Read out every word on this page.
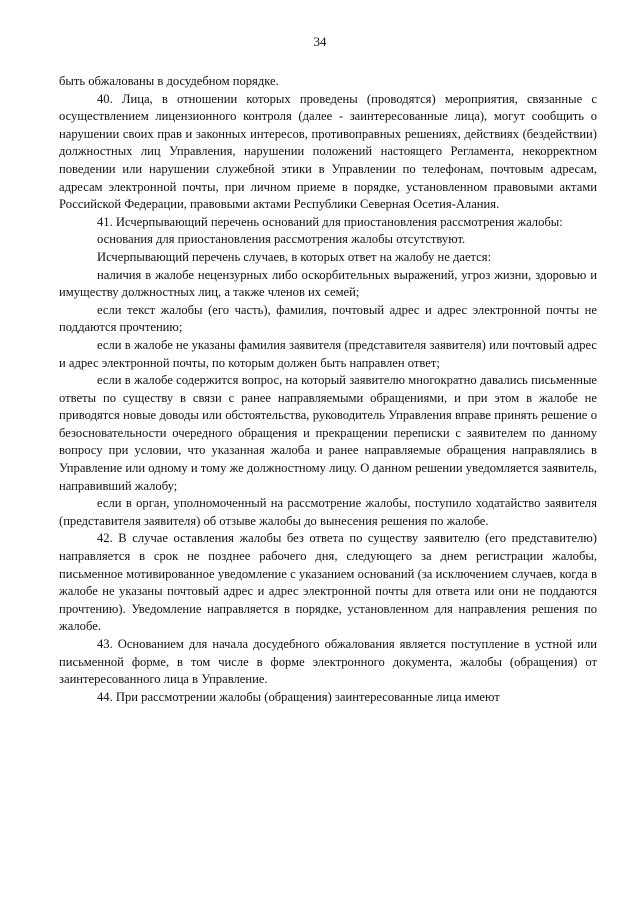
34

быть обжалованы в досудебном порядке.

40. Лица, в отношении которых проведены (проводятся) мероприятия, связанные с осуществлением лицензионного контроля (далее - заинтересованные лица), могут сообщить о нарушении своих прав и законных интересов, противоправных решениях, действиях (бездействии) должностных лиц Управления, нарушении положений настоящего Регламента, некорректном поведении или нарушении служебной этики в Управлении по телефонам, почтовым адресам, адресам электронной почты, при личном приеме в порядке, установленном правовыми актами Российской Федерации, правовыми актами Республики Северная Осетия-Алания.

41. Исчерпывающий перечень оснований для приостановления рассмотрения жалобы:

основания для приостановления рассмотрения жалобы отсутствуют.

Исчерпывающий перечень случаев, в которых ответ на жалобу не дается:

наличия в жалобе нецензурных либо оскорбительных выражений, угроз жизни, здоровью и имуществу должностных лиц, а также членов их семей;

если текст жалобы (его часть), фамилия, почтовый адрес и адрес электронной почты не поддаются прочтению;

если в жалобе не указаны фамилия заявителя (представителя заявителя) или почтовый адрес и адрес электронной почты, по которым должен быть направлен ответ;

если в жалобе содержится вопрос, на который заявителю многократно давались письменные ответы по существу в связи с ранее направляемыми обращениями, и при этом в жалобе не приводятся новые доводы или обстоятельства, руководитель Управления вправе принять решение о безосновательности очередного обращения и прекращении переписки с заявителем по данному вопросу при условии, что указанная жалоба и ранее направляемые обращения направлялись в Управление или одному и тому же должностному лицу. О данном решении уведомляется заявитель, направивший жалобу;

если в орган, уполномоченный на рассмотрение жалобы, поступило ходатайство заявителя (представителя заявителя) об отзыве жалобы до вынесения решения по жалобе.

42. В случае оставления жалобы без ответа по существу заявителю (его представителю) направляется в срок не позднее рабочего дня, следующего за днем регистрации жалобы, письменное мотивированное уведомление с указанием оснований (за исключением случаев, когда в жалобе не указаны почтовый адрес и адрес электронной почты для ответа или они не поддаются прочтению). Уведомление направляется в порядке, установленном для направления решения по жалобе.

43. Основанием для начала досудебного обжалования является поступление в устной или письменной форме, в том числе в форме электронного документа, жалобы (обращения) от заинтересованного лица в Управление.

44. При рассмотрении жалобы (обращения) заинтересованные лица имеют
